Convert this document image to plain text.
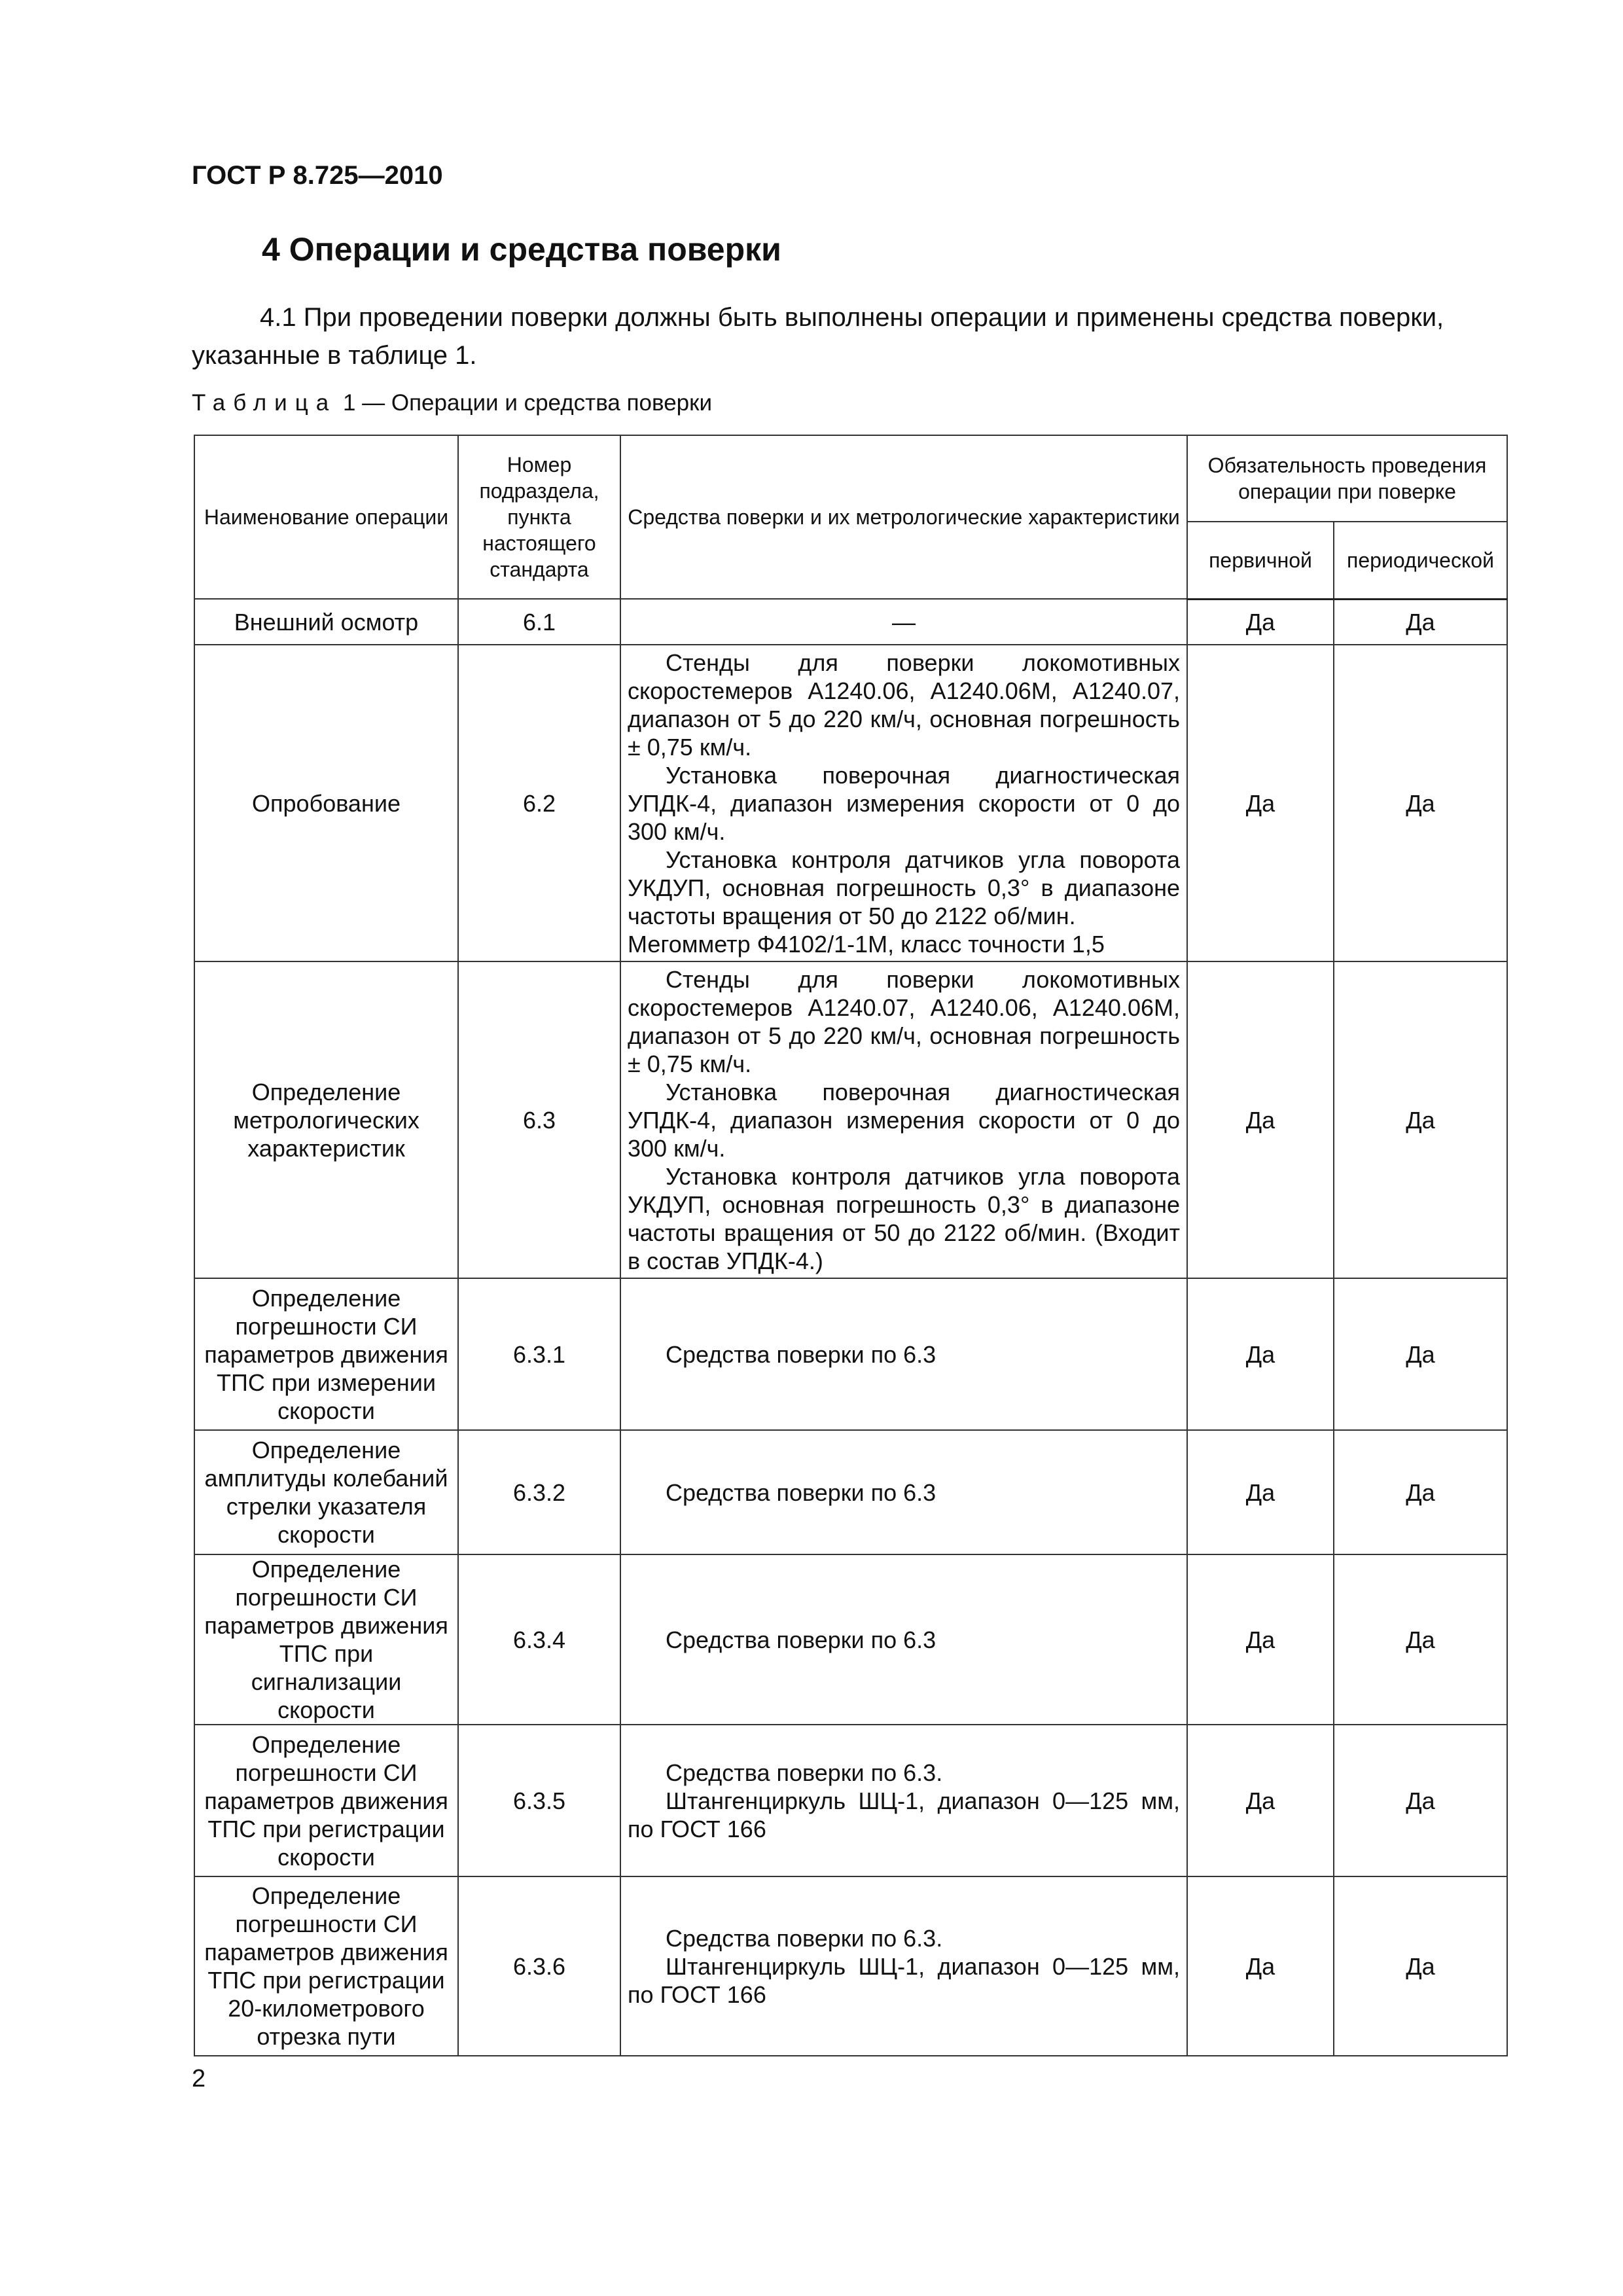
ГОСТ Р 8.725—2010
4 Операции и средства поверки
4.1 При проведении поверки должны быть выполнены операции и применены средства поверки, указанные в таблице 1.
Таблица 1 — Операции и средства поверки
Наименование операции	Номер подраздела, пункта настоящего стандарта	Средства поверки и их метрологические характеристики	Обязательность проведения операции при поверке	
			первичной	периодической
Внешний осмотр	6.1	—	Да	Да
Опробование	6.2	Стенды для поверки локомотивных скоростемеров А1240.06, А1240.06М, А1240.07, диапазон от 5 до 220 км/ч, основная погрешность ± 0,75 км/ч.

Установка поверочная диагностическая УПДК-4, диапазон измерения скорости от 0 до 300 км/ч.

Установка контроля датчиков угла поворота УКДУП, основная погрешность 0,3° в диапазоне частоты вращения от 50 до 2122 об/мин.

Мегомметр Ф4102/1-1М, класс точности 1,5	Да	Да
Определение метрологических характеристик	6.3	Стенды для поверки локомотивных скоростемеров А1240.07, А1240.06, А1240.06М, диапазон от 5 до 220 км/ч, основная погрешность ± 0,75 км/ч.

Установка поверочная диагностическая УПДК-4, диапазон измерения скорости от 0 до 300 км/ч.

Установка контроля датчиков угла поворота УКДУП, основная погрешность 0,3° в диапазоне частоты вращения от 50 до 2122 об/мин. (Входит в состав УПДК-4.)	Да	Да
Определение погрешности СИ параметров движения ТПС при измерении скорости	6.3.1	Средства поверки по 6.3	Да	Да
Определение амплитуды колебаний стрелки указателя скорости	6.3.2	Средства поверки по 6.3	Да	Да
Определение погрешности СИ параметров движения ТПС при сигнализации скорости	6.3.4	Средства поверки по 6.3	Да	Да
Определение погрешности СИ параметров движения ТПС при регистрации скорости	6.3.5	Средства поверки по 6.3.

Штангенциркуль ШЦ-1, диапазон 0—125 мм, по ГОСТ 166	Да	Да
Определение погрешности СИ параметров движения ТПС при регистрации 20-километрового отрезка пути	6.3.6	Средства поверки по 6.3.

Штангенциркуль ШЦ-1, диапазон 0—125 мм, по ГОСТ 166	Да	Да
2
